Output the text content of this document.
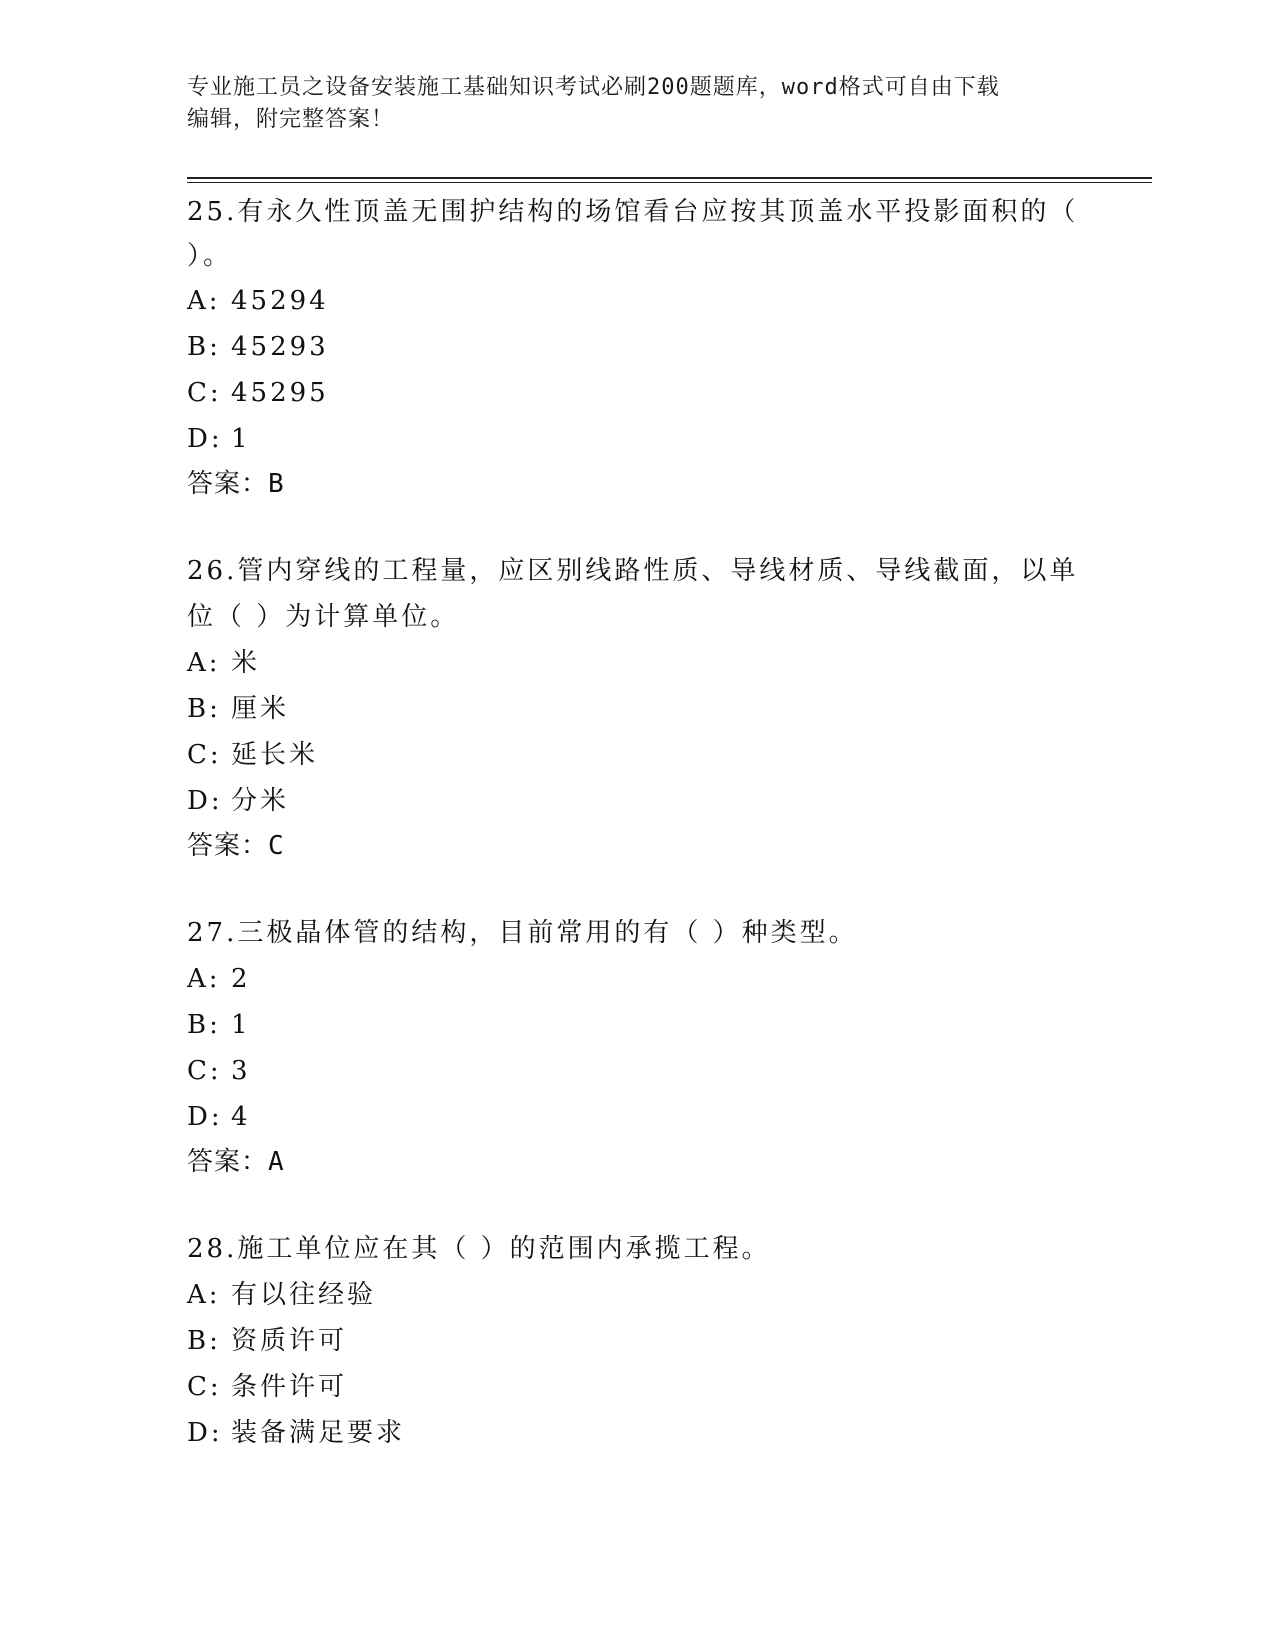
专业施工员之设备安装施工基础知识考试必刷200题题库，word格式可自由下载
编辑，附完整答案！
25.有永久性顶盖无围护结构的场馆看台应按其顶盖水平投影面积的（
）。
A: 45294
B: 45293
C: 45295
D: 1
答案：B
26.管内穿线的工程量，应区别线路性质、导线材质、导线截面，以单
位（ ）为计算单位。
A: 米
B: 厘米
C: 延长米
D: 分米
答案：C
27.三极晶体管的结构，目前常用的有（ ）种类型。
A: 2
B: 1
C: 3
D: 4
答案：A
28.施工单位应在其（ ）的范围内承揽工程。
A: 有以往经验
B: 资质许可
C: 条件许可
D: 装备满足要求
